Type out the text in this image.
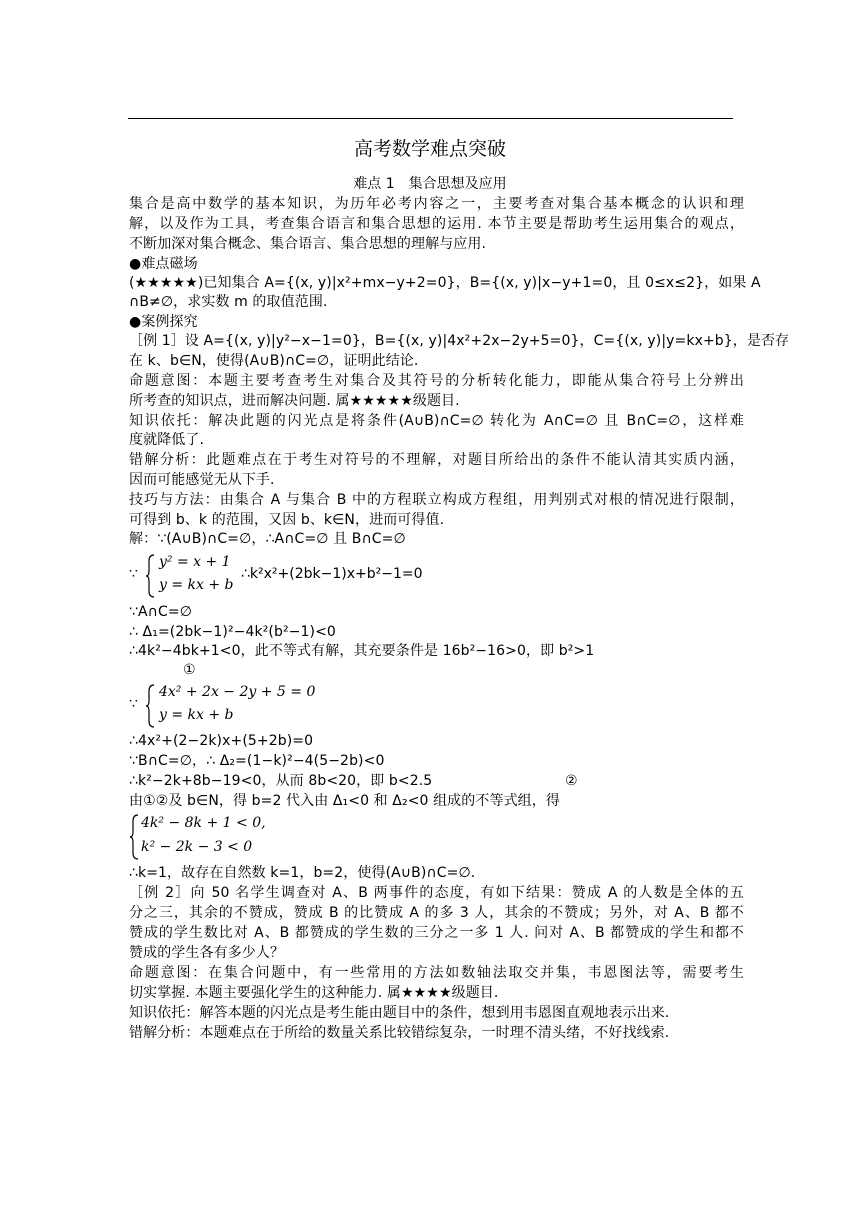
高考数学难点突破
难点 1　集合思想及应用
集合是高中数学的基本知识，为历年必考内容之一，主要考查对集合基本概念的认识和理
解，以及作为工具，考查集合语言和集合思想的运用. 本节主要是帮助考生运用集合的观点，
不断加深对集合概念、集合语言、集合思想的理解与应用.
●难点磁场
(★★★★★)已知集合 A={(x, y)|x²+mx−y+2=0}，B={(x, y)|x−y+1=0，且 0≤x≤2}，如果 A
∩B≠∅，求实数 m 的取值范围.
●案例探究
［例 1］设 A={(x, y)|y²−x−1=0}，B={(x, y)|4x²+2x−2y+5=0}，C={(x, y)|y=kx+b}，是否存
在 k、b∈N，使得(A∪B)∩C=∅，证明此结论.
命题意图：本题主要考查考生对集合及其符号的分析转化能力，即能从集合符号上分辨出
所考查的知识点，进而解决问题. 属★★★★★级题目.
知识依托：解决此题的闪光点是将条件(A∪B)∩C=∅ 转化为 A∩C=∅ 且 B∩C=∅，这样难
度就降低了.
错解分析：此题难点在于考生对符号的不理解，对题目所给出的条件不能认清其实质内涵，
因而可能感觉无从下手.
技巧与方法：由集合 A 与集合 B 中的方程联立构成方程组，用判别式对根的情况进行限制，
可得到 b、k 的范围，又因 b、k∈N，进而可得值.
解：∵(A∪B)∩C=∅，∴A∩C=∅ 且 B∩C=∅
∵
y² = x + 1
y = kx + b
∴k²x²+(2bk−1)x+b²−1=0
∵A∩C=∅
∴ Δ₁=(2bk−1)²−4k²(b²−1)<0
∴4k²−4bk+1<0，此不等式有解，其充要条件是 16b²−16>0，即 b²>1
①
∵
4x² + 2x − 2y + 5 = 0
y = kx + b
∴4x²+(2−2k)x+(5+2b)=0
∵B∩C=∅，∴ Δ₂=(1−k)²−4(5−2b)<0
∴k²−2k+8b−19<0，从而 8b<20，即 b<2.5	②
由①②及 b∈N，得 b=2 代入由 Δ₁<0 和 Δ₂<0 组成的不等式组，得
4k² − 8k + 1 < 0,
k² − 2k − 3 < 0
∴k=1，故存在自然数 k=1，b=2，使得(A∪B)∩C=∅.
［例 2］向 50 名学生调查对 A、B 两事件的态度，有如下结果：赞成 A 的人数是全体的五
分之三，其余的不赞成，赞成 B 的比赞成 A 的多 3 人，其余的不赞成；另外，对 A、B 都不
赞成的学生数比对 A、B 都赞成的学生数的三分之一多 1 人. 问对 A、B 都赞成的学生和都不
赞成的学生各有多少人？
命题意图：在集合问题中，有一些常用的方法如数轴法取交并集，韦恩图法等，需要考生
切实掌握. 本题主要强化学生的这种能力. 属★★★★级题目.
知识依托：解答本题的闪光点是考生能由题目中的条件，想到用韦恩图直观地表示出来.
错解分析：本题难点在于所给的数量关系比较错综复杂，一时理不清头绪，不好找线索.
